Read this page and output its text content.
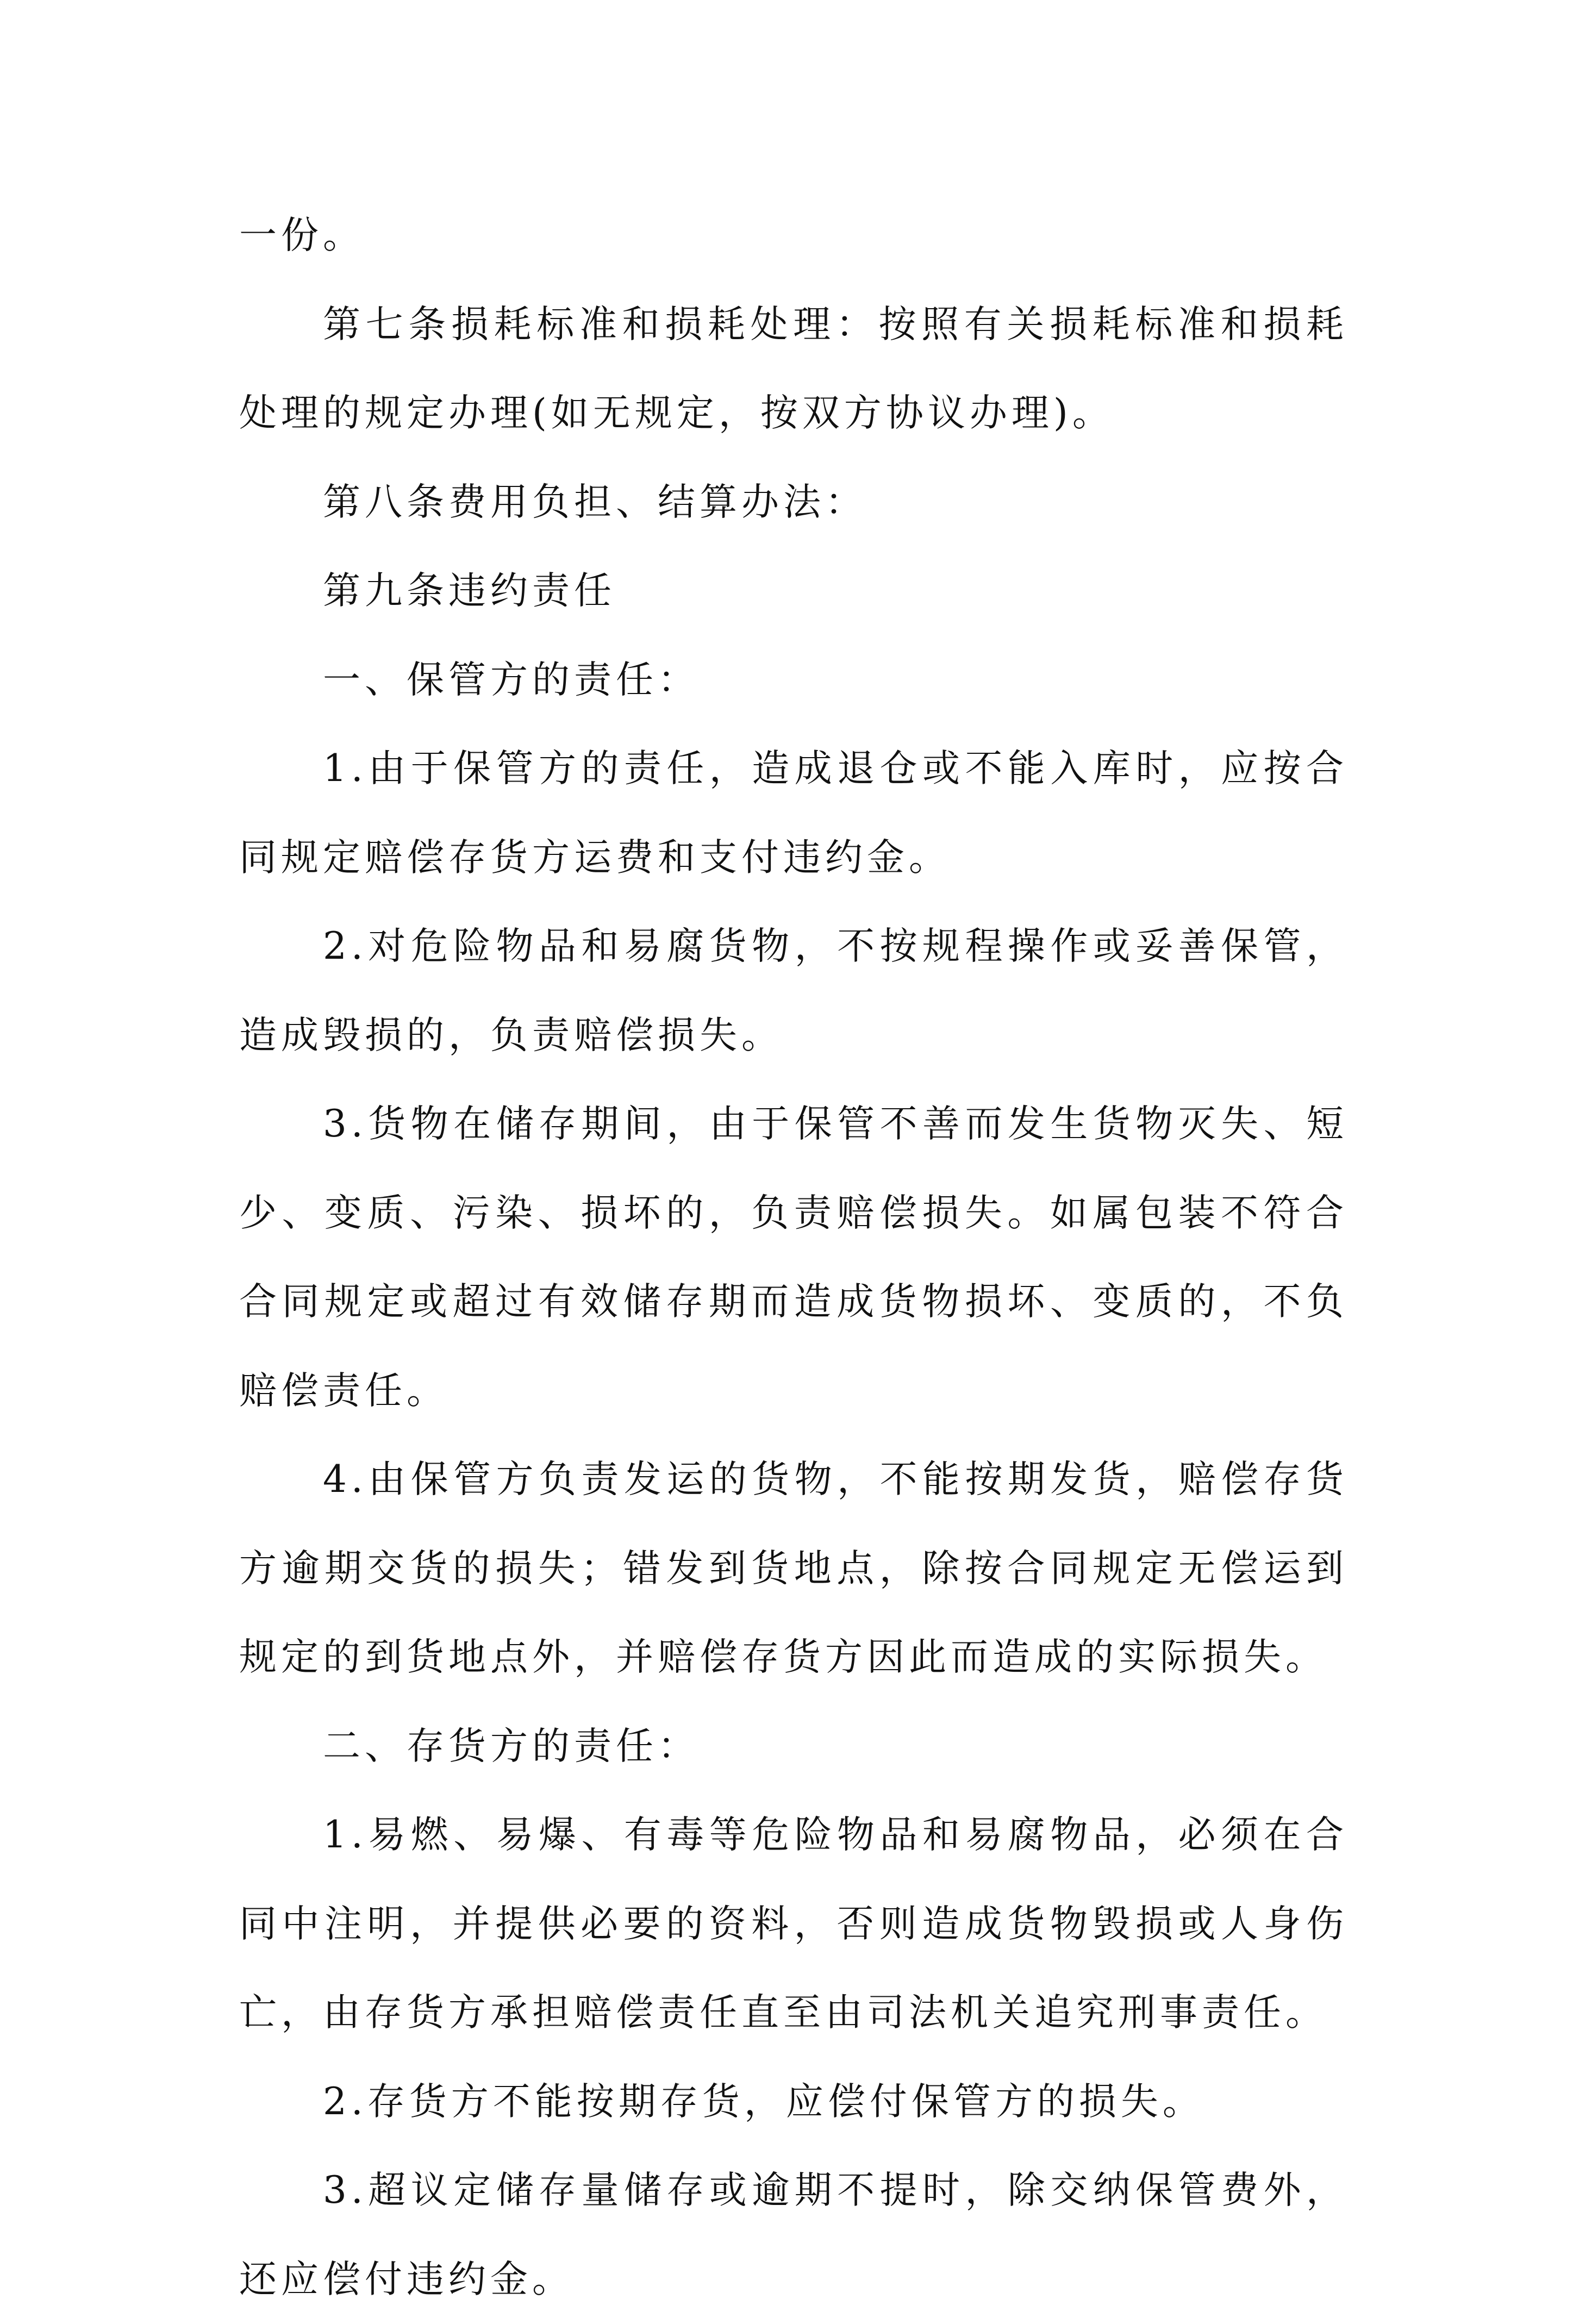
一份。

第七条损耗标准和损耗处理：按照有关损耗标准和损耗处理的规定办理(如无规定，按双方协议办理)。

第八条费用负担、结算办法：

第九条违约责任

一、保管方的责任：

1.由于保管方的责任，造成退仓或不能入库时，应按合同规定赔偿存货方运费和支付违约金。

2.对危险物品和易腐货物，不按规程操作或妥善保管，造成毁损的，负责赔偿损失。

3.货物在储存期间，由于保管不善而发生货物灭失、短少、变质、污染、损坏的，负责赔偿损失。如属包装不符合合同规定或超过有效储存期而造成货物损坏、变质的，不负赔偿责任。

4.由保管方负责发运的货物，不能按期发货，赔偿存货方逾期交货的损失；错发到货地点，除按合同规定无偿运到规定的到货地点外，并赔偿存货方因此而造成的实际损失。

二、存货方的责任：

1.易燃、易爆、有毒等危险物品和易腐物品，必须在合同中注明，并提供必要的资料，否则造成货物毁损或人身伤亡，由存货方承担赔偿责任直至由司法机关追究刑事责任。

2.存货方不能按期存货，应偿付保管方的损失。

3.超议定储存量储存或逾期不提时，除交纳保管费外，还应偿付违约金。
